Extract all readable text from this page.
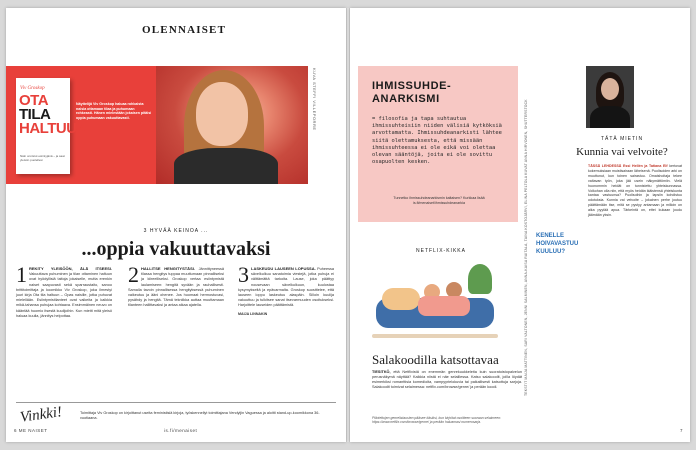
OLENNAISET
Viv Groskop
OTA
TILA
HALTUUN
Näin onnistut esiintyjänä – ja saat yleisön puolellesi
Näyttelijä Viv Groskop haluaa rohkaista naisia ottamaan tilaa ja puhumaan rohkeasti. Hänen mielestään jokaisen pitäisi oppia puhumaan vakuuttavasti.	KUVA STEFFI VILLEPORRE
3 HYVÄÄ KEINOA ...
...oppia vakuuttavaksi
1 REKITY YLEISÖÖN, ÄLÄ ITSEESI. Vakuuttava puhuminen ja tilan ottaminen haltuun ovat hyödyllisiä taitoja jokaiselle, mutta erenkin naiset saapuvasti sekä sparraustaito, sanoo brittitoimittaja ja koomikko Viv Groskop, joka ilmestyi juuri kirja Ota tila haltuun – Opas naisille, jotka puhuvat mielellään. Esiintymistilanteet ovat vaikeita ja kaikkia mikä-tahansa puhujaa kohtaava. Ensimmäinen neuvo on kääntää huomio itsestä kuulijoihin. Kun mietit mitä yleisö haluaa kuulla, jännitys helpottaa.
2 HALLITSE HENGITYSTÄSI. Jännittyneessä tilassa hengitys tuppaa muuttumaan pinnalliseksi ja kiireelliseksi. Groskop vertaa esiintymistä laulamiseen: hengitä syvään ja rauhallisesti. Samalla tavoin pinnallisessa hengityksessä puhuminen vaikeutuu ja ääni ohenee. Jos huomaat hermostuvasi, pysähdy ja hengitä. Tämä tekniikka auttaa muuttamaan tilanteen hallittavaksi ja antaa aikaa ajatella.
3 LASKEUDU LAUSEEN LOPUSSA. Puheessa sävelkulkuu sanatoimia viestejä, jotka puhuja ei välttämättä tarkoita. Lause, joka päättyy nousevaan sävelkulkuun, kuulostaa kysymykseltä ja epävarmalta. Groskop suosittelee, että lauseen loppu laskeutuu alaspäin. Silloin kuulija vakuuttuu ja tulkitsee sanat itsevarmuuden osoitukseksi. Harjoittele lauseiden päättämistä.
MAIJA LINNAKIN
Vinkki!	Toimittaja Viv Groskop on kirjoittanut useita feministisiä kirjoja, työskennellyt toimittajana Vendyljin Vaguessa ja aloitti stand-up-koomikkona 36-vuotiaana.
6 ME NAISET	is.fi/menaiset
IHMISSUHDE-ANARKISMI
= filosofia ja tapa suhtautua ihmissuhteisiin niiden välisiä kytköksiä arvottamatta. Ihmissuhdeanarkisti lähtee siitä olettamuksesta, että missään ihmissuhteessa ei ole eikä voi olettaa olevan sääntöjä, joita ei ole sovittu osapuolten kesken.
Tunnetko ihmissuhdeanarkismin kaltaisen? Kurkkaa lisää is.fi/menaiset/ihmissuhdeanarkia	TEKSTIT MAIJA MATTINEN, SARI VALTONEN, JENNI SALMINEN, ANNA-KAISA RAITALA, TAINA KOSTOJÄRVI, ELINA PELTOLA KUVAT ANNA HIRVONEN, SHUTTERSTOCK
NETFLIX-KIKKA
Salakoodilla katsottavaa
TIESITKÖ, että Netflixistä on enemmän genrekuukkeleita kuin suoratoistopalvelun perusnäkymä näyttää? Kaikkia niistä ei näe selaillessa. Katso salakoodit, joilla löydät esimerkiksi romanttisia komedioita, vampyyrielokuvia tai paikallisesti katsottuja sarjoja. Salakoodit toimivat selaimessa: netflix.com/browse/genre/ ja perään koodi.
Piilotettujen genrelistausten pääsee käsiksi, kun kirjoitat osoitteen suoraan selaimeen: https://www.netflix.com/browse/genre/ ja perään haluamasi numerosarja.
TÄTÄ MIETIN
Kunnia vai velvoite?
TÄSSÄ LEHDESSÄ Essi Hellén ja Tatiana Elf kertovat kokemuksiaan muistisairaan läheisenä. Puolisoiden arki on muuttunut, kun toinen sairastuu. Omaishoitaja tekee valtavan työn, joka jää usein näkymättömiin. Vielä huonommin heidät on tunnistettu yhteiskunnassa. Voikohan olla niin, että myös heidän ikäistensä yhteiskunta kantaa vastuunsa? Puolisoihin ja lapsiin kohdistuu odotuksia. Kunnia vai velvoite – jokainen perhe joutuu päättämään itse, mitä se pystyy antamaan ja milloin on aika pyytää apua. Tärkeintä on, ettei kukaan joudu jäämään yksin.
KENELLE HOIVAVASTUU KUULUU?
7
